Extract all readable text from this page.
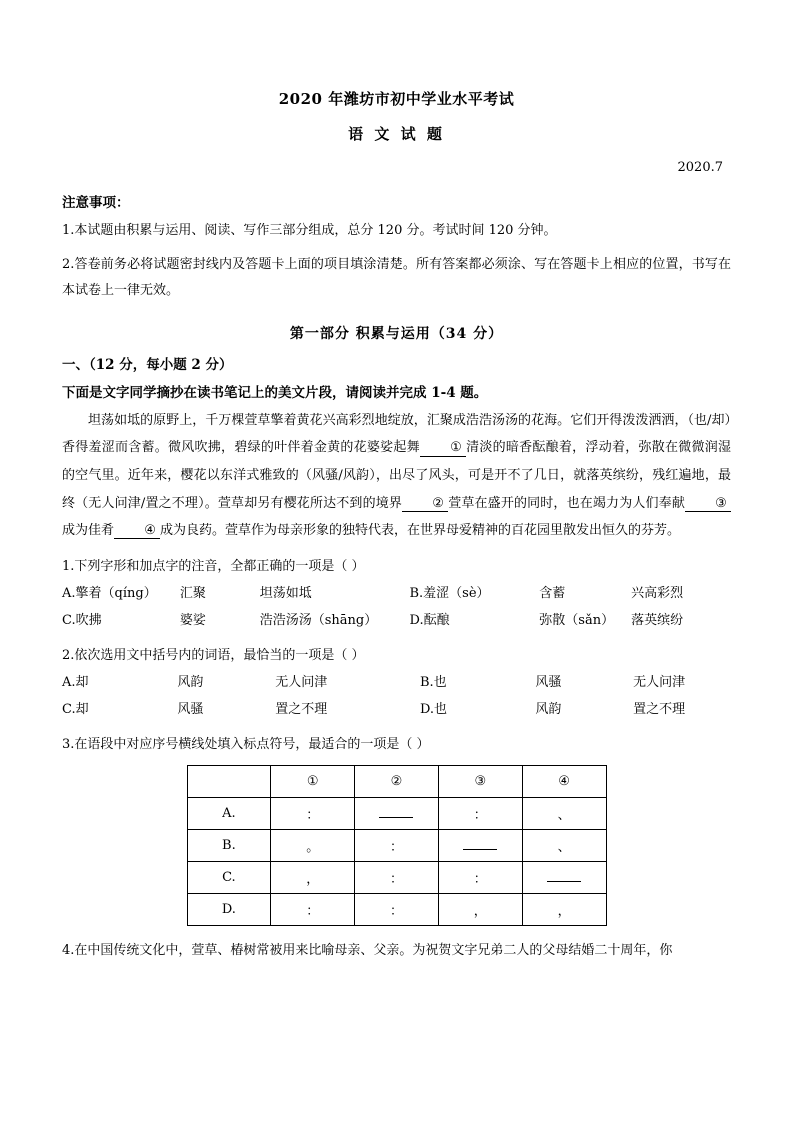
2020 年潍坊市初中学业水平考试
语 文 试 题
2020.7
注意事项：
1.本试题由积累与运用、阅读、写作三部分组成，总分 120 分。考试时间 120 分钟。
2.答卷前务必将试题密封线内及答题卡上面的项目填涂清楚。所有答案都必须涂、写在答题卡上相应的位置，书写在本试卷上一律无效。
第一部分 积累与运用（34 分）
一、（12 分，每小题 2 分）
下面是文字同学摘抄在读书笔记上的美文片段，请阅读并完成 1-4 题。
坦荡如坻的原野上，千万棵萱草擎着黄花兴高彩烈地绽放，汇聚成浩浩汤汤的花海。它们开得泼泼洒洒，（也/却）香得羞涩而含蓄。微风吹拂，碧绿的叶伴着金黄的花婆娑起舞 ① 清淡的暗香酝酿着，浮动着，弥散在微微润湿的空气里。近年来，樱花以东洋式雅致的（风骚/风韵），出尽了风头，可是开不了几日，就落英缤纷，残红遍地，最终（无人问津/置之不理）。萱草却另有樱花所达不到的境界 ② 萱草在盛开的同时，也在竭力为人们奉献 ③成为佳肴 ④ 成为良药。萱草作为母亲形象的独特代表，在世界母爱精神的百花园里散发出恒久的芬芳。
1.下列字形和加点字的注音，全都正确的一项是（ ）
A.擎着（qíng）	汇聚	坦荡如坻	B.羞涩（sè）	含蓄	兴高彩烈
C.吹拂	婆娑	浩浩汤汤（shāng）	D.酝酿	弥散（sǎn）	落英缤纷
2.依次选用文中括号内的词语，最恰当的一项是（ ）
A.却	风韵	无人问津	B.也	风骚	无人问津
C.却	风骚	置之不理	D.也	风韵	置之不理
3.在语段中对应序号横线处填入标点符号，最适合的一项是（ ）
	①	②	③	④
A.	：		：	、
B.	。	：		、
C.	，	：	：	
D.	：	：	，	，
4.在中国传统文化中，萱草、椿树常被用来比喻母亲、父亲。为祝贺文字兄弟二人的父母结婚二十周年，你
